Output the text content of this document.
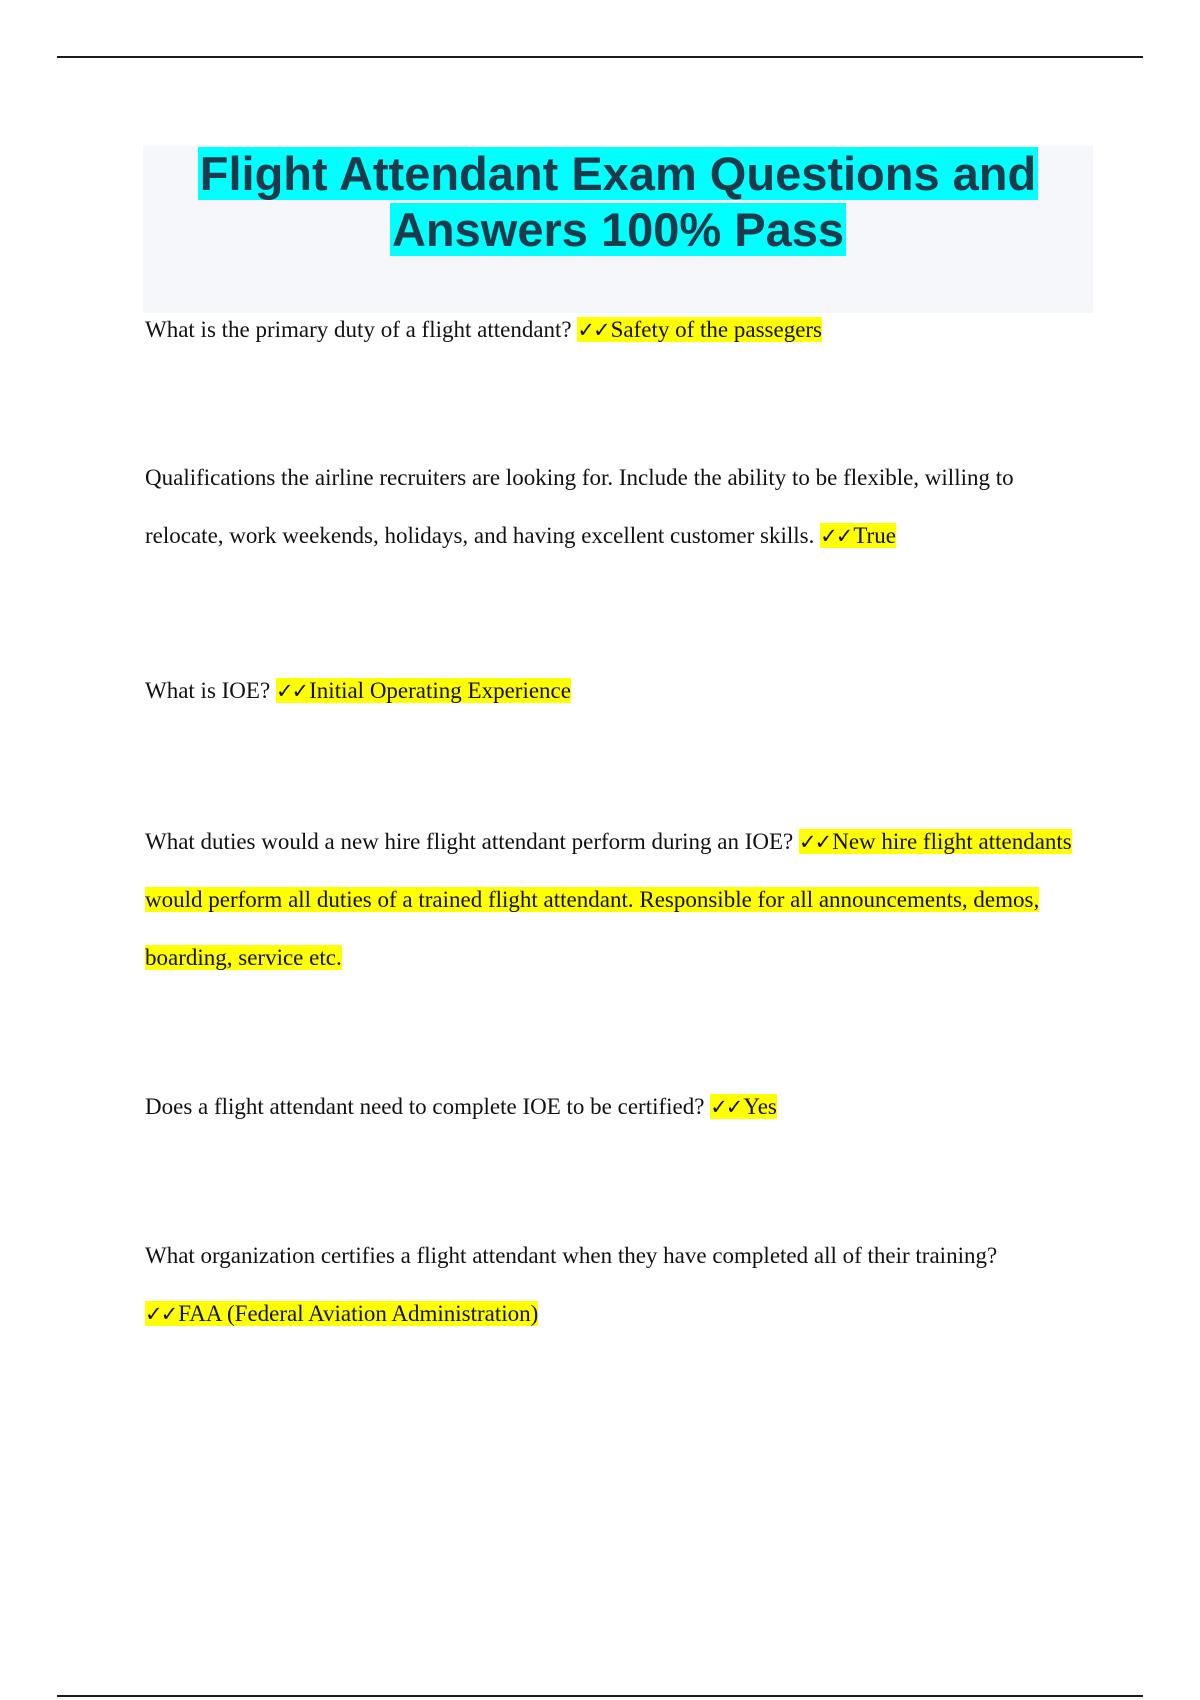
Flight Attendant Exam Questions and
Answers 100% Pass

What is the primary duty of a flight attendant? ✓✓Safety of the passegers

Qualifications the airline recruiters are looking for. Include the ability to be flexible, willing to relocate, work weekends, holidays, and having excellent customer skills. ✓✓True

What is IOE? ✓✓Initial Operating Experience

What duties would a new hire flight attendant perform during an IOE? ✓✓New hire flight attendants would perform all duties of a trained flight attendant. Responsible for all announcements, demos, boarding, service etc.

Does a flight attendant need to complete IOE to be certified? ✓✓Yes

What organization certifies a flight attendant when they have completed all of their training? ✓✓FAA (Federal Aviation Administration)
